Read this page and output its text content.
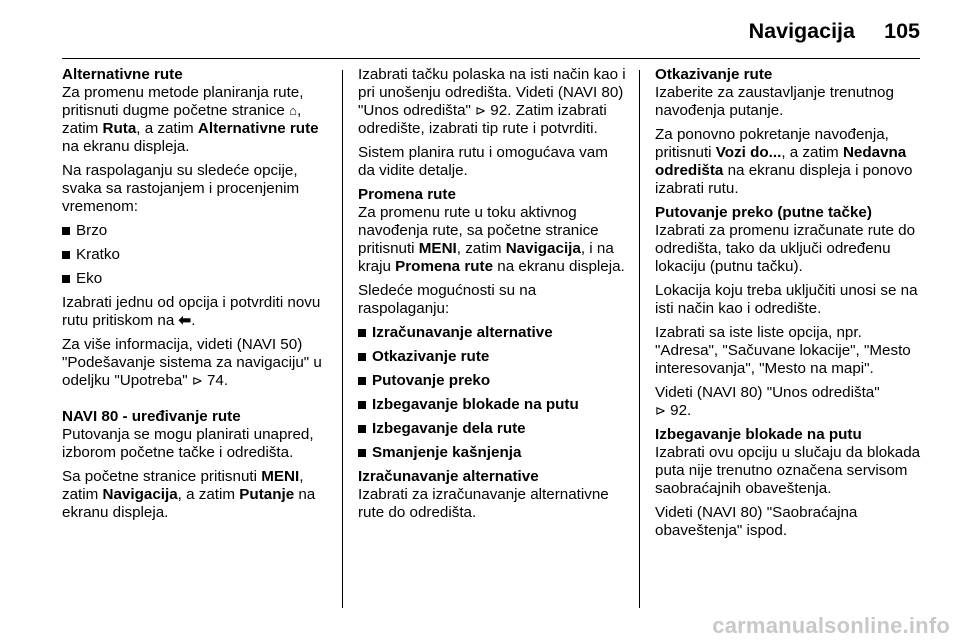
Navigacija 105
Alternativne rute

Za promenu metode planiranja rute, pritisnuti dugme početne stranice ⌂, zatim Ruta, a zatim Alternativne rute na ekranu displeja.

Na raspolaganju su sledeće opcije, svaka sa rastojanjem i procenjenim vremenom:

Brzo
Kratko
Eko

Izabrati jednu od opcija i potvrditi novu rutu pritiskom na ⬅.

Za više informacija, videti (NAVI 50) "Podešavanje sistema za navigaciju" u odeljku "Upotreba" ⊳ 74.

NAVI 80 - uređivanje rute

Putovanja se mogu planirati unapred, izborom početne tačke i odredišta.

Sa početne stranice pritisnuti MENI, zatim Navigacija, a zatim Putanje na ekranu displeja.

Izabrati tačku polaska na isti način kao i pri unošenju odredišta. Videti (NAVI 80) "Unos odredišta" ⊳ 92. Zatim izabrati odredište, izabrati tip rute i potvrditi.

Sistem planira rutu i omogućava vam da vidite detalje.

Promena rute

Za promenu rute u toku aktivnog navođenja rute, sa početne stranice pritisnuti MENI, zatim Navigacija, i na kraju Promena rute na ekranu displeja.

Sledeće mogućnosti su na raspolaganju:

Izračunavanje alternative
Otkazivanje rute
Putovanje preko
Izbegavanje blokade na putu
Izbegavanje dela rute
Smanjenje kašnjenja
Izračunavanje alternative

Izabrati za izračunavanje alternativne rute do odredišta.

Otkazivanje rute

Izaberite za zaustavljanje trenutnog navođenja putanje.

Za ponovno pokretanje navođenja, pritisnuti Vozi do..., a zatim Nedavna odredišta na ekranu displeja i ponovo izabrati rutu.

Putovanje preko (putne tačke)

Izabrati za promenu izračunate rute do odredišta, tako da uključi određenu lokaciju (putnu tačku).

Lokacija koju treba uključiti unosi se na isti način kao i odredište.

Izabrati sa iste liste opcija, npr. "Adresa", "Sačuvane lokacije", "Mesto interesovanja", "Mesto na mapi".

Videti (NAVI 80) "Unos odredišta"
⊳ 92.

Izbegavanje blokade na putu

Izabrati ovu opciju u slučaju da blokada puta nije trenutno označena servisom saobraćajnih obaveštenja.

Videti (NAVI 80) "Saobraćajna obaveštenja" ispod.

carmanualsonline.info
